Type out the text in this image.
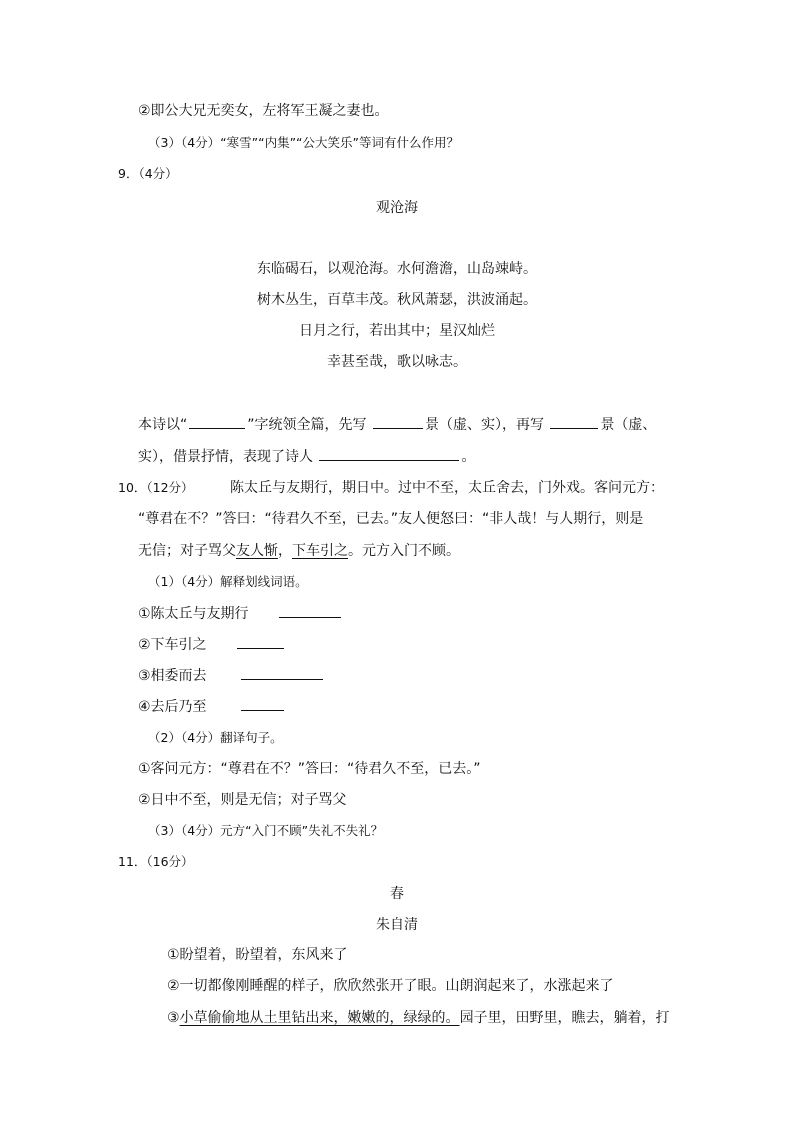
②即公大兄无奕女，左将军王凝之妻也。
（3）（4分）“寒雪”“内集”“公大笑乐”等词有什么作用？
9．（4分）
观沧海
东临碣石，以观沧海。水何澹澹，山岛竦峙。
树木丛生，百草丰茂。秋风萧瑟，洪波涌起。
日月之行，若出其中；星汉灿烂
幸甚至哉，歌以咏志。
本诗以“	”字统领全篇，先写	景（虚、实），再写	景（虚、
实），借景抒情，表现了诗人	。
10．（12分）	陈太丘与友期行，期日中。过中不至，太丘舍去，门外戏。客问元方：
“尊君在不？”答曰：“待君久不至，已去。”友人便怒曰：“非人哉！与人期行，则是
无信；对子骂父友人惭，下车引之。元方入门不顾。
（1）（4分）解释划线词语。
①陈太丘与友期行
②下车引之
③相委而去
④去后乃至
（2）（4分）翻译句子。
①客问元方：“尊君在不？”答曰：“待君久不至，已去。”
②日中不至，则是无信；对子骂父
（3）（4分）元方“入门不顾”失礼不失礼？
11．（16分）
春
朱自清
①盼望着，盼望着，东风来了
②一切都像刚睡醒的样子，欣欣然张开了眼。山朗润起来了，水涨起来了
③小草偷偷地从土里钻出来，嫩嫩的，绿绿的。园子里，田野里，瞧去，躺着，打
